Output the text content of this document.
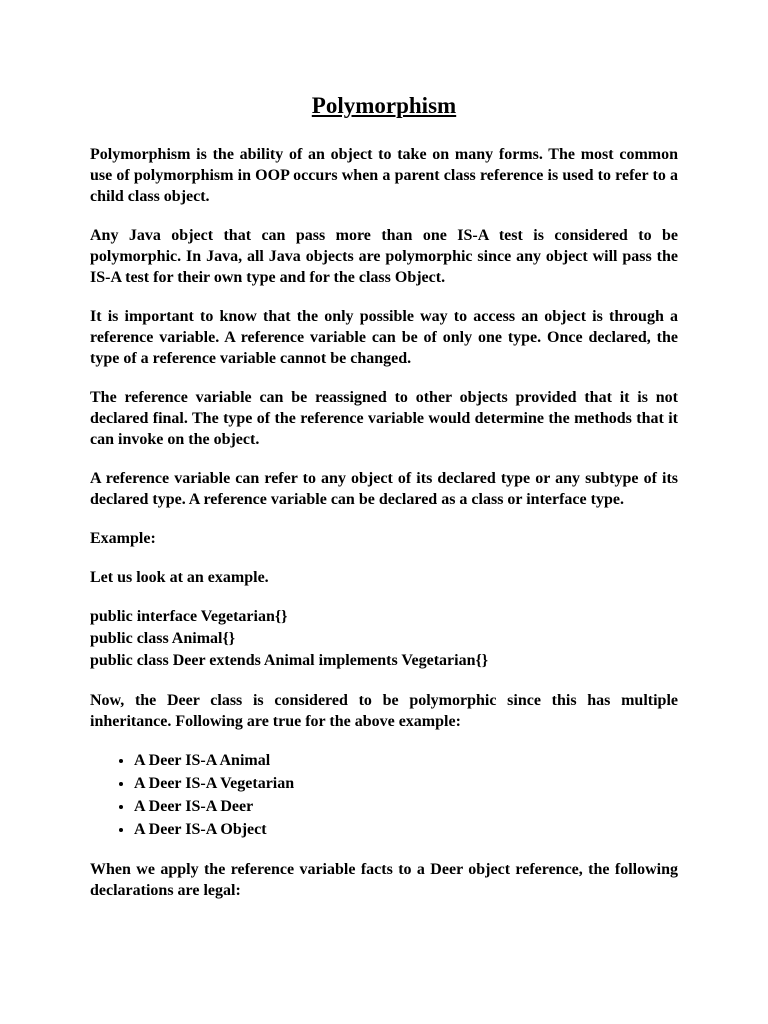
Polymorphism

Polymorphism is the ability of an object to take on many forms. The most common use of polymorphism in OOP occurs when a parent class reference is used to refer to a child class object.

Any Java object that can pass more than one IS-A test is considered to be polymorphic. In Java, all Java objects are polymorphic since any object will pass the IS-A test for their own type and for the class Object.

It is important to know that the only possible way to access an object is through a reference variable. A reference variable can be of only one type. Once declared, the type of a reference variable cannot be changed.

The reference variable can be reassigned to other objects provided that it is not declared final. The type of the reference variable would determine the methods that it can invoke on the object.

A reference variable can refer to any object of its declared type or any subtype of its declared type. A reference variable can be declared as a class or interface type.

Example:

Let us look at an example.

public interface Vegetarian{}
public class Animal{}
public class Deer extends Animal implements Vegetarian{}

Now, the Deer class is considered to be polymorphic since this has multiple inheritance. Following are true for the above example:

• A Deer IS-A Animal
• A Deer IS-A Vegetarian
• A Deer IS-A Deer
• A Deer IS-A Object

When we apply the reference variable facts to a Deer object reference, the following declarations are legal:
